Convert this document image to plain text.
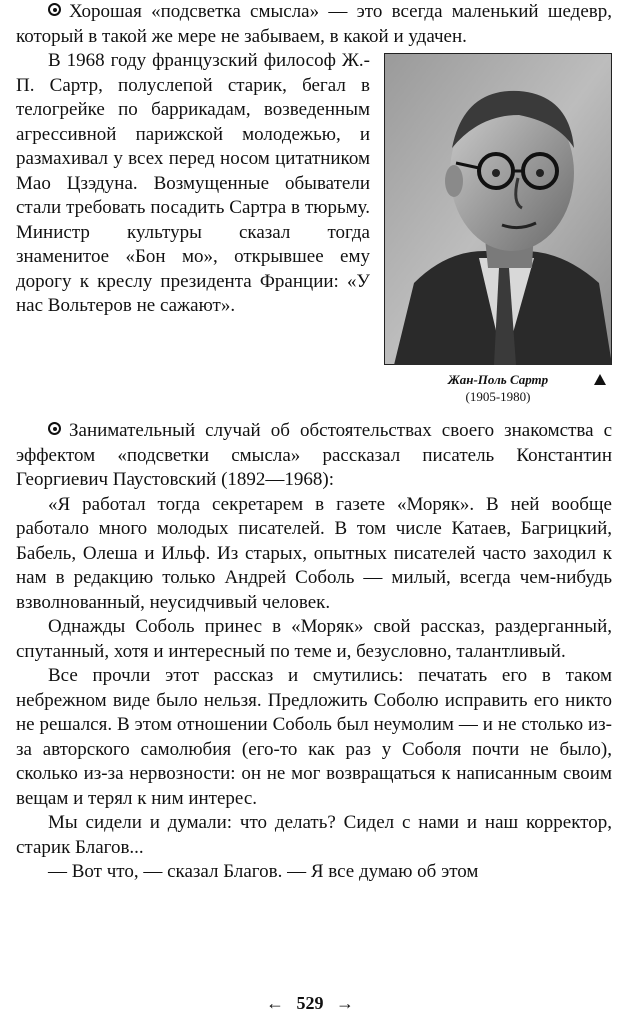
Хорошая «подсветка смысла» — это всегда маленький шедевр, который в такой же мере не забываем, в какой и удачен.

Жан-Поль Сартр
(1905-1980)

В 1968 году французский философ Ж.-П. Сартр, полуслепой старик, бегал в телогрейке по баррикадам, возведенным агрессивной парижской молодежью, и размахивал у всех перед носом цитатником Мао Цзэдуна. Возмущенные обыватели стали требовать посадить Сартра в тюрьму. Министр культуры сказал тогда знаменитое «Бон мо», открывшее ему дорогу к креслу президента Франции: «У нас Вольтеров не сажают».

Занимательный случай об обстоятельствах своего знакомства с эффектом «подсветки смысла» рассказал писатель Константин Георгиевич Паустовский (1892—1968):

«Я работал тогда секретарем в газете «Моряк». В ней вообще работало много молодых писателей. В том числе Катаев, Багрицкий, Бабель, Олеша и Ильф. Из старых, опытных писателей часто заходил к нам в редакцию только Андрей Соболь — милый, всегда чем-нибудь взволнованный, неусидчивый человек.

Однажды Соболь принес в «Моряк» свой рассказ, раздерганный, спутанный, хотя и интересный по теме и, безусловно, талантливый.

Все прочли этот рассказ и смутились: печатать его в таком небрежном виде было нельзя. Предложить Соболю исправить его никто не решался. В этом отношении Соболь был неумолим — и не столько из-за авторского самолюбия (его-то как раз у Соболя почти не было), сколько из-за нервозности: он не мог возвращаться к написанным своим вещам и терял к ним интерес.

Мы сидели и думали: что делать? Сидел с нами и наш корректор, старик Благов...

— Вот что, — сказал Благов. — Я все думаю об этом

← 529 →
